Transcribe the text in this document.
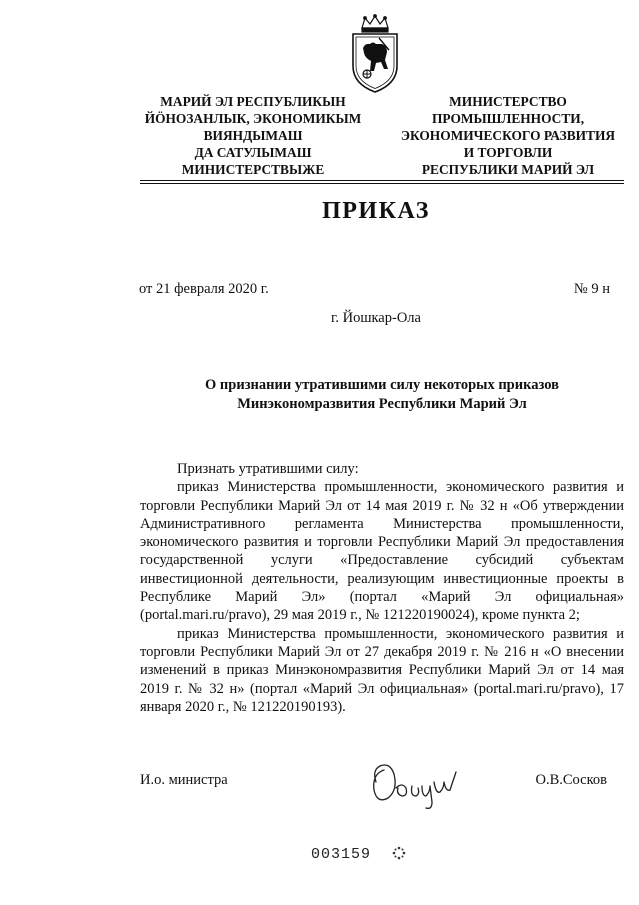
МАРИЙ ЭЛ РЕСПУБЛИКЫН
ЙÖНОЗАНЛЫК, ЭКОНОМИКЫМ
ВИЯНДЫМАШ
ДА САТУЛЫМАШ
МИНИСТЕРСТВЫЖЕ
МИНИСТЕРСТВО
ПРОМЫШЛЕННОСТИ,
ЭКОНОМИЧЕСКОГО РАЗВИТИЯ
И ТОРГОВЛИ
РЕСПУБЛИКИ МАРИЙ ЭЛ
ПРИКАЗ
от 21 февраля 2020 г.	№ 9 н
г. Йошкар-Ола
О признании утратившими силу некоторых приказов
Минэкономразвития Республики Марий Эл

Признать утратившими силу:

приказ Министерства промышленности, экономического развития и торговли Республики Марий Эл от 14 мая 2019 г. № 32 н «Об утверждении Административного регламента Министерства промышленности, экономического развития и торговли Республики Марий Эл предоставления государственной услуги «Предоставление субсидий субъектам инвестиционной деятельности, реализующим инвестиционные проекты в Республике Марий Эл» (портал «Марий Эл официальная» (portal.mari.ru/pravo), 29 мая 2019 г., № 121220190024), кроме пункта 2;

приказ Министерства промышленности, экономического развития и торговли Республики Марий Эл от 27 декабря 2019 г. № 216 н «О внесении изменений в приказ Минэкономразвития Республики Марий Эл от 14 мая 2019 г. № 32 н» (портал «Марий Эл официальная» (portal.mari.ru/pravo), 17 января 2020 г., № 121220190193).

И.о. министра	О.В.Сосков
003159
